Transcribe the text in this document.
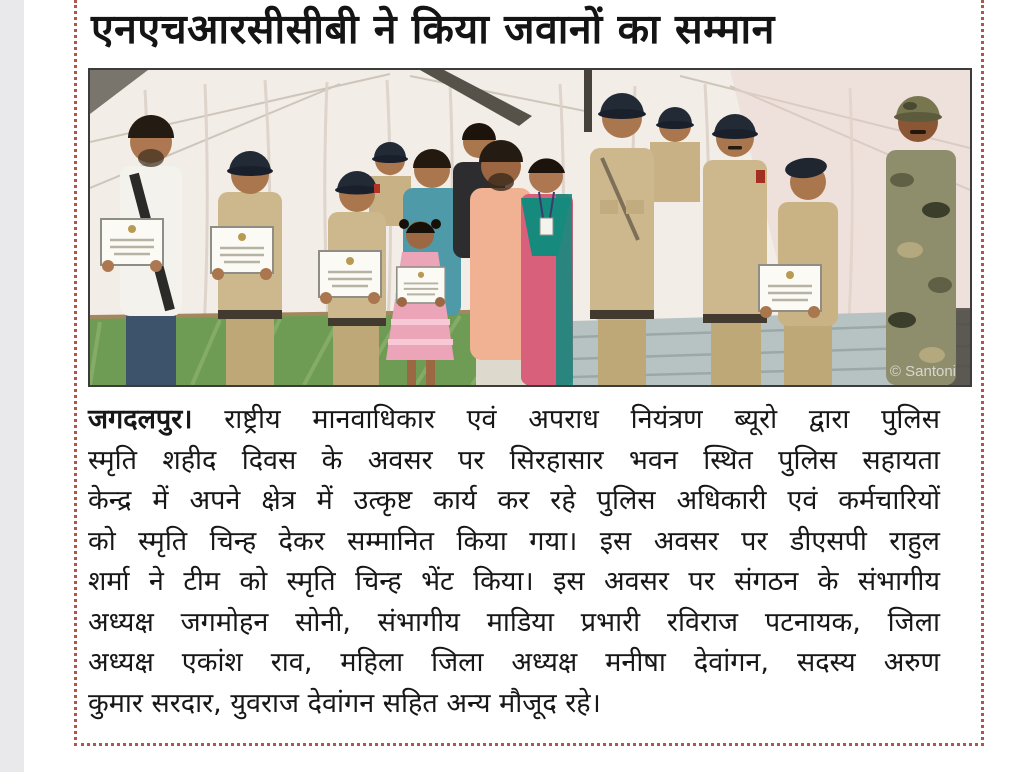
एनएचआरसीसीबी ने किया जवानों का सम्मान
© Santoni

जगदलपुर। राष्ट्रीय मानवाधिकार एवं अपराध नियंत्रण ब्यूरो द्वारा पुलिस

स्मृति शहीद दिवस के अवसर पर सिरहासार भवन स्थित पुलिस सहायता

केन्द्र में अपने क्षेत्र में उत्कृष्ट कार्य कर रहे पुलिस अधिकारी एवं कर्मचारियों

को स्मृति चिन्ह देकर सम्मानित किया गया। इस अवसर पर डीएसपी राहुल

शर्मा ने टीम को स्मृति चिन्ह भेंट किया। इस अवसर पर संगठन के संभागीय

अध्यक्ष जगमोहन सोनी, संभागीय माडिया प्रभारी रविराज पटनायक, जिला

अध्यक्ष एकांश राव, महिला जिला अध्यक्ष मनीषा देवांगन, सदस्य अरुण

कुमार सरदार, युवराज देवांगन सहित अन्य मौजूद रहे।
